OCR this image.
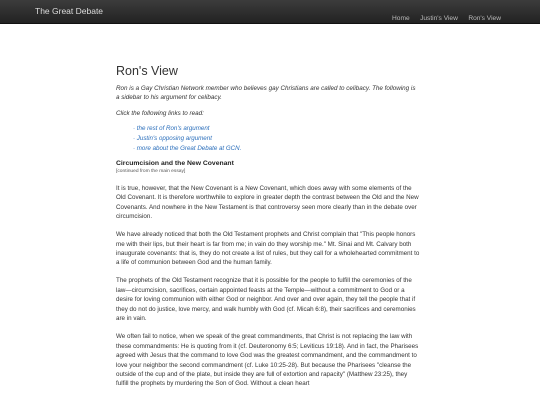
The Great Debate
Home Justin's View Ron's View
Ron's View

Ron is a Gay Christian Network member who believes gay Christians are called to celibacy. The following is a sidebar to his argument for celibacy.

Click the following links to read:

· the rest of Ron's argument
· Justin's opposing argument
· more about the Great Debate at GCN.
Circumcision and the New Covenant
[continued from the main essay]

It is true, however, that the New Covenant is a New Covenant, which does away with some elements of the Old Covenant. It is therefore worthwhile to explore in greater depth the contrast between the Old and the New Covenants. And nowhere in the New Testament is that controversy seen more clearly than in the debate over circumcision.

We have already noticed that both the Old Testament prophets and Christ complain that "This people honors me with their lips, but their heart is far from me; in vain do they worship me." Mt. Sinai and Mt. Calvary both inaugurate covenants: that is, they do not create a list of rules, but they call for a wholehearted commitment to a life of communion between God and the human family.

The prophets of the Old Testament recognize that it is possible for the people to fulfill the ceremonies of the law—circumcision, sacrifices, certain appointed feasts at the Temple—without a commitment to God or a desire for loving communion with either God or neighbor. And over and over again, they tell the people that if they do not do justice, love mercy, and walk humbly with God (cf. Micah 6:8), their sacrifices and ceremonies are in vain.

We often fail to notice, when we speak of the great commandments, that Christ is not replacing the law with these commandments: He is quoting from it (cf. Deuteronomy 6:5; Leviticus 19:18). And in fact, the Pharisees agreed with Jesus that the command to love God was the greatest commandment, and the commandment to love your neighbor the second commandment (cf. Luke 10:25-28). But because the Pharisees "cleanse the outside of the cup and of the plate, but inside they are full of extortion and rapacity" (Matthew 23:25), they fulfill the prophets by murdering the Son of God. Without a clean heart
